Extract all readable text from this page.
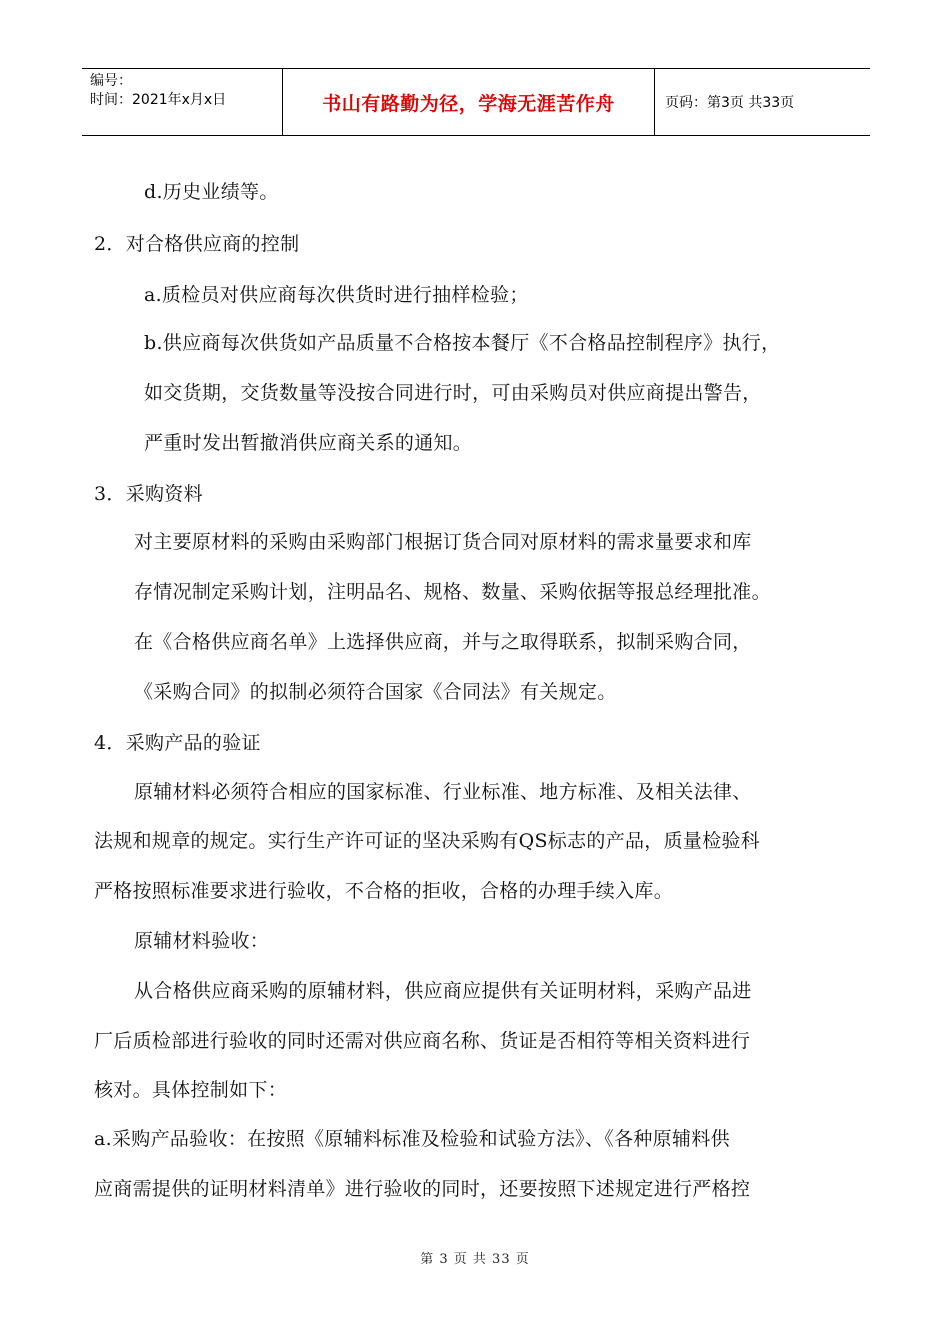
编号：
时间：2021年x月x日	书山有路勤为径，学海无涯苦作舟	页码：第3页 共33页
d.历史业绩等。
2．对合格供应商的控制
a.质检员对供应商每次供货时进行抽样检验；
b.供应商每次供货如产品质量不合格按本餐厅《不合格品控制程序》执行，
如交货期，交货数量等没按合同进行时，可由采购员对供应商提出警告，
严重时发出暂撤消供应商关系的通知。
3．采购资料
对主要原材料的采购由采购部门根据订货合同对原材料的需求量要求和库
存情况制定采购计划，注明品名、规格、数量、采购依据等报总经理批准。
在《合格供应商名单》上选择供应商，并与之取得联系，拟制采购合同，
《采购合同》的拟制必须符合国家《合同法》有关规定。
4．采购产品的验证
原辅材料必须符合相应的国家标准、行业标准、地方标准、及相关法律、
法规和规章的规定。实行生产许可证的坚决采购有QS标志的产品，质量检验科
严格按照标准要求进行验收，不合格的拒收，合格的办理手续入库。
原辅材料验收：
从合格供应商采购的原辅材料，供应商应提供有关证明材料，采购产品进
厂后质检部进行验收的同时还需对供应商名称、货证是否相符等相关资料进行
核对。具体控制如下：
a.采购产品验收：在按照《原辅料标准及检验和试验方法》、《各种原辅料供
应商需提供的证明材料清单》进行验收的同时，还要按照下述规定进行严格控
第 3 页 共 33 页
